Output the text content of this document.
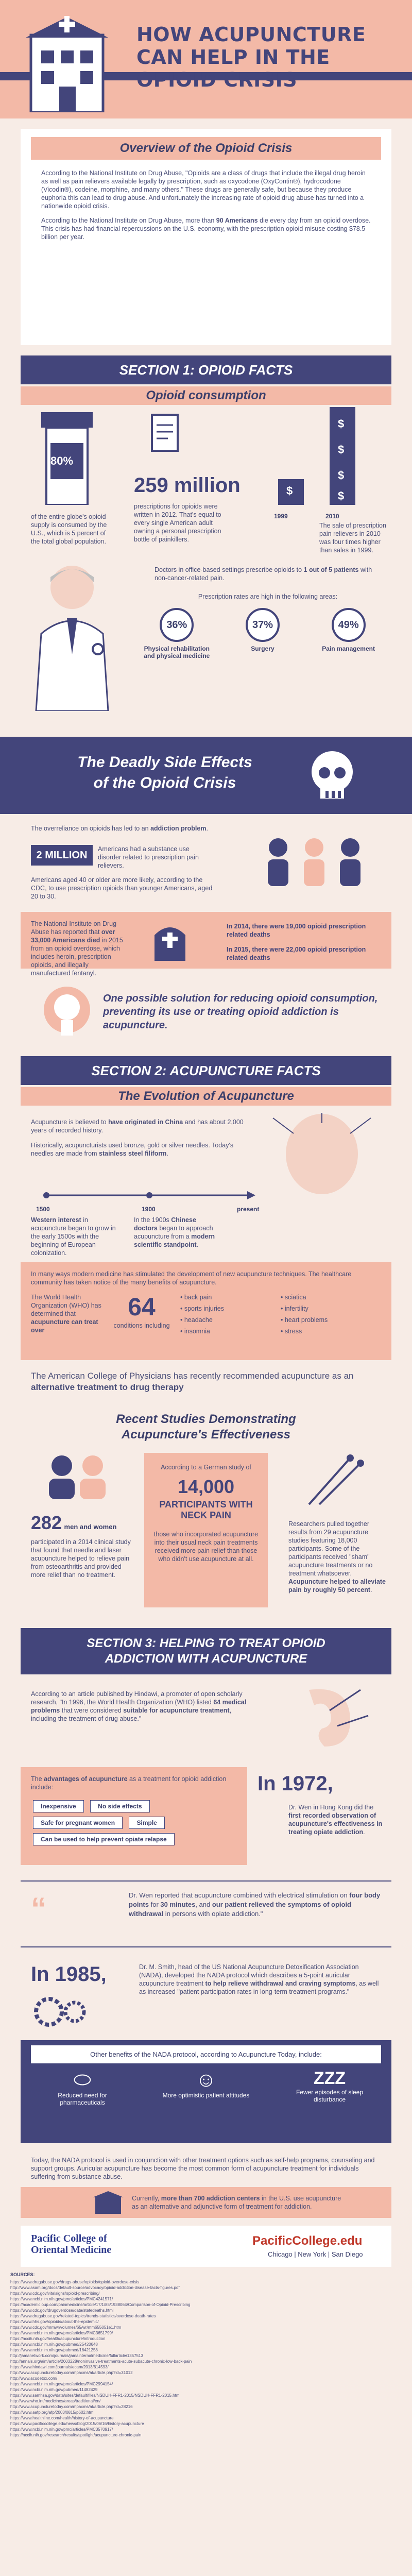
HOW ACUPUNCTURE
CAN HELP IN THE
OPIOID CRISIS
Overview of the Opioid Crisis
According to the National Institute on Drug Abuse, "Opioids are a class of drugs that include the illegal drug heroin as well as pain relievers available legally by prescription, such as oxycodone (OxyContin®), hydrocodone (Vicodin®), codeine, morphine, and many others." These drugs are generally safe, but because they produce euphoria this can lead to drug abuse. And unfortunately the increasing rate of opioid drug abuse has turned into a nationwide opioid crisis.
According to the National Institute on Drug Abuse, more than 90 Americans die every day from an opioid overdose. This crisis has had financial repercussions on the U.S. economy, with the prescription opioid misuse costing $78.5 billion per year.
SECTION 1: OPIOID FACTS
Opioid consumption
80%
of the entire globe's opioid supply is consumed by the U.S., which is 5 percent of the total global population.
259 million
prescriptions for opioids were written in 2012. That's equal to every single American adult owning a personal prescription bottle of painkillers.
$
$
$
$
$
1999	2010
The sale of prescription pain relievers in 2010 was four times higher than sales in 1999.
Doctors in office-based settings prescribe opioids to 1 out of 5 patients with non-cancer-related pain.
Prescription rates are high in the following areas:
36%
Physical rehabilitation and physical medicine
37%
Surgery
49%
Pain management
The Deadly Side Effects
of the Opioid Crisis
The overreliance on opioids has led to an addiction problem.
2 MILLION
Americans had a substance use disorder related to prescription pain relievers.
Americans aged 40 or older are more likely, according to the CDC, to use prescription opioids than younger Americans, aged 20 to 30.
The National Institute on Drug Abuse has reported that over 33,000 Americans died in 2015 from an opioid overdose, which includes heroin, prescription opioids, and illegally manufactured fentanyl.
In 2014, there were 19,000 opioid prescription related deaths
In 2015, there were 22,000 opioid prescription related deaths
One possible solution for reducing opioid consumption, preventing its use or treating opioid addiction is acupuncture.
SECTION 2: ACUPUNCTURE FACTS
The Evolution of Acupuncture
Acupuncture is believed to have originated in China and has about 2,000 years of recorded history.
Historically, acupuncturists used bronze, gold or silver needles. Today's needles are made from stainless steel filiform.
1500	1900	present
Western interest in acupuncture began to grow in the early 1500s with the beginning of European colonization.
In the 1900s Chinese doctors began to approach acupuncture from a modern scientific standpoint.
In many ways modern medicine has stimulated the development of new acupuncture techniques. The healthcare community has taken notice of the many benefits of acupuncture.
The World Health Organization (WHO) has determined that acupuncture can treat over
64
conditions including
• back pain	• sciatica
• sports injuries	• infertility
• headache	• heart problems
• insomnia	• stress
The American College of Physicians has recently recommended acupuncture as an alternative treatment to drug therapy
Recent Studies Demonstrating
Acupuncture's Effectiveness
282 men and women
participated in a 2014 clinical study that found that needle and laser acupuncture helped to relieve pain from osteoarthritis and provided more relief than no treatment.
According to a German study of
14,000
PARTICIPANTS WITH NECK PAIN
those who incorporated acupuncture into their usual neck pain treatments received more pain relief than those who didn't use acupuncture at all.
Researchers pulled together results from 29 acupuncture studies featuring 18,000 participants. Some of the participants received "sham" acupuncture treatments or no treatment whatsoever. Acupuncture helped to alleviate pain by roughly 50 percent.
SECTION 3: HELPING TO TREAT OPIOID
ADDICTION WITH ACUPUNCTURE
According to an article published by Hindawi, a promoter of open scholarly research, "In 1996, the World Health Organization (WHO) listed 64 medical problems that were considered suitable for acupuncture treatment, including the treatment of drug abuse."
The advantages of acupuncture as a treatment for opioid addiction include:
Inexpensive	No side effects
Safe for pregnant women	Simple
Can be used to help prevent opiate relapse
In 1972,
Dr. Wen in Hong Kong did the first recorded observation of acupuncture's effectiveness in treating opiate addiction.
“	Dr. Wen reported that acupuncture combined with electrical stimulation on four body points for 30 minutes, and our patient relieved the symptoms of opioid withdrawal in persons with opiate addiction."
In 1985,	Dr. M. Smith, head of the US National Acupuncture Detoxification Association (NADA), developed the NADA protocol which describes a 5-point auricular acupuncture treatment to help relieve withdrawal and craving symptoms, as well as increased "patient participation rates in long-term treatment programs."
Other benefits of the NADA protocol, according to Acupuncture Today, include:
⬭
Reduced need for pharmaceuticals
☺
More optimistic patient attitudes
ZZZ
Fewer episodes of sleep disturbance
Today, the NADA protocol is used in conjunction with other treatment options such as self-help programs, counseling and support groups. Auricular acupuncture has become the most common form of acupuncture treatment for individuals suffering from substance abuse.
Currently, more than 700 addiction centers in the U.S. use acupuncture as an alternative and adjunctive form of treatment for addiction.
Pacific College of
Oriental Medicine
PacificCollege.edu
Chicago | New York | San Diego
SOURCES:
https://www.drugabuse.gov/drugs-abuse/opioids/opioid-overdose-crisis
http://www.asam.org/docs/default-source/advocacy/opioid-addiction-disease-facts-figures.pdf
https://www.cdc.gov/vitalsigns/opioid-prescribing/
https://www.ncbi.nlm.nih.gov/pmc/articles/PMC4241571/
https://academic.oup.com/painmedicine/article/17/1/85/1938064/Comparison-of-Opioid-Prescribing
https://www.cdc.gov/drugoverdose/data/statedeaths.html
https://www.drugabuse.gov/related-topics/trends-statistics/overdose-death-rates
https://www.hhs.gov/opioids/about-the-epidemic/
https://www.cdc.gov/mmwr/volumes/65/wr/mm655051e1.htm
https://www.ncbi.nlm.nih.gov/pmc/articles/PMC3651799/
https://nccih.nih.gov/health/acupuncture/introduction
https://www.ncbi.nlm.nih.gov/pubmed/25420648
https://www.ncbi.nlm.nih.gov/pubmed/16421258
http://jamanetwork.com/journals/jamainternalmedicine/fullarticle/1357513
http://annals.org/aim/article/2603228/noninvasive-treatments-acute-subacute-chronic-low-back-pain
https://www.hindawi.com/journals/ecam/2013/614593/
http://www.acupuncturetoday.com/mpacms/at/article.php?id=31012
http://www.acudetox.com/
https://www.ncbi.nlm.nih.gov/pmc/articles/PMC2994154/
https://www.ncbi.nlm.nih.gov/pubmed/11482429
https://www.samhsa.gov/data/sites/default/files/NSDUH-FFR1-2015/NSDUH-FFR1-2015.htm
http://www.who.int/medicines/areas/traditional/en/
http://www.acupuncturetoday.com/mpacms/at/article.php?id=28216
https://www.aafp.org/afp/2003/0815/p602.html
https://www.healthline.com/health/history-of-acupuncture
https://www.pacificcollege.edu/news/blog/2015/06/16/history-acupuncture
https://www.ncbi.nlm.nih.gov/pmc/articles/PMC3570917/
https://nccih.nih.gov/research/results/spotlight/acupuncture-chronic-pain
